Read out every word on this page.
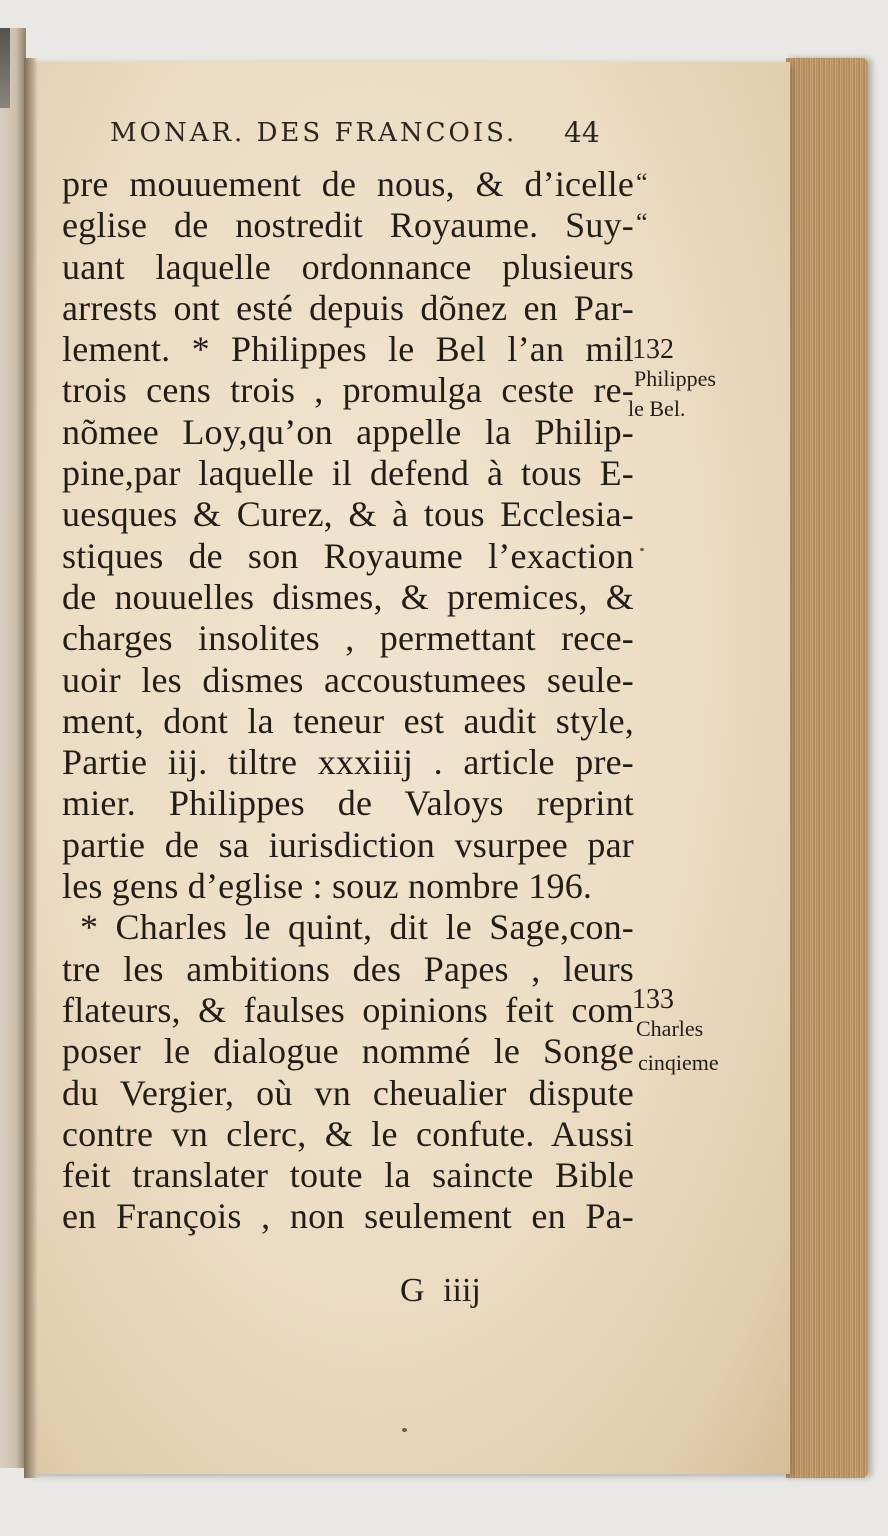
MONAR. DES FRANCOIS.	44
pre mouuement de nous, & d’icelle
eglise de nostredit Royaume. Suy-
uant laquelle ordonnance plusieurs
arrests ont esté depuis dõnez en Par-
lement. * Philippes le Bel l’an mil
trois cens trois , promulga ceste re-
nõmee Loy,qu’on appelle la Philip-
pine,par laquelle il defend à tous E-
uesques & Curez, & à tous Ecclesia-
stiques de son Royaume l’exaction
de nouuelles dismes, & premices, &
charges insolites , permettant rece-
uoir les dismes accoustumees seule-
ment, dont la teneur est audit style,
Partie iij. tiltre xxxiiij . article pre-
mier. Philippes de Valoys reprint
partie de sa iurisdiction vsurpee par
les gens d’eglise : souz nombre 196.
* Charles le quint, dit le Sage,con-
tre les ambitions des Papes , leurs
flateurs, & faulses opinions feit com
poser le dialogue nommé le Songe
du Vergier, où vn cheualier dispute
contre vn clerc, & le confute. Aussi
feit translater toute la saincte Bible
en François , non seulement en Pa-
“
“
132
Philippes
le Bel.
133
Charles
cinqieme
G iiij
